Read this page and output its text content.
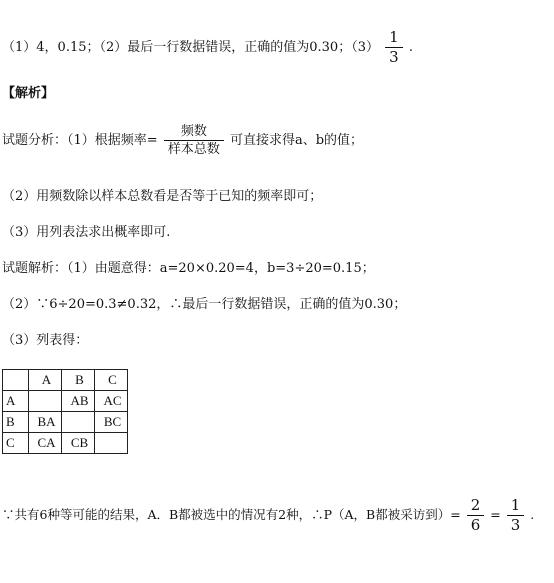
（1）4，0.15；（2）最后一行数据错误，正确的值为0.30；$(3) \frac{1}{3}$ .
【解析】
试题分析：（1）根据频率= $\frac{\text{频数}}{\text{样本总数}}$ 可直接求得a、b的值；
（2）用频数除以样本总数看是否等于已知的频率即可；
（3）用列表法求出概率即可.
试题解析：（1）由题意得：a=20×0.20=4，b=3÷20=0.15；
（2）∵6÷20=0.3≠0.32，∴最后一行数据错误，正确的值为0.30；
（3）列表得：
	A	B	C
A		AB	AC
B	BA		BC
C	CA	CB	
∵共有6种等可能的结果，A．B都被选中的情况有2种，∴P（A，B都被采访到）= $\frac{2}{6} = \frac{1}{3}$ .
